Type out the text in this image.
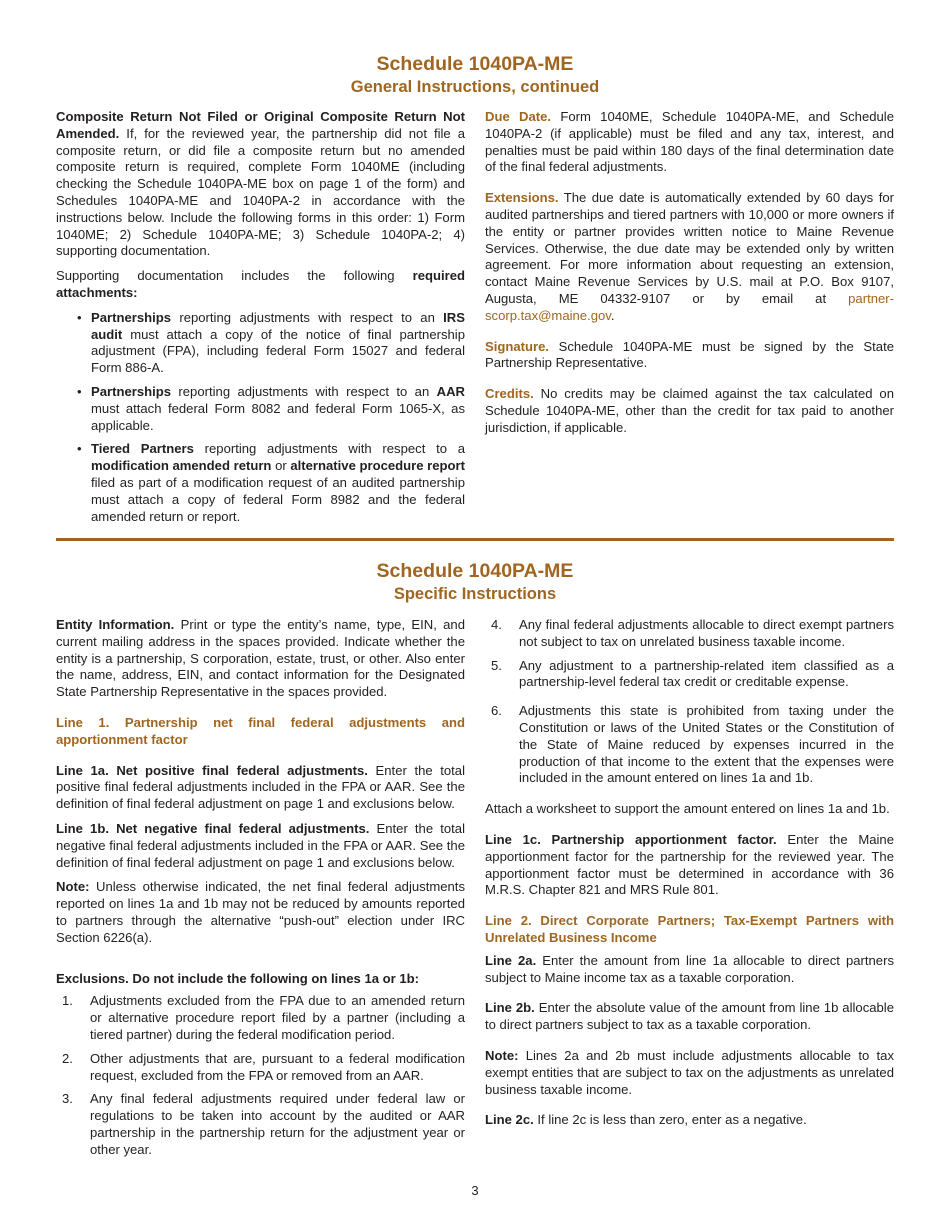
Schedule 1040PA-ME
General Instructions, continued

Composite Return Not Filed or Original Composite Return Not Amended. If, for the reviewed year, the partnership did not file a composite return, or did file a composite return but no amended composite return is required, complete Form 1040ME (including checking the Schedule 1040PA-ME box on page 1 of the form) and Schedules 1040PA-ME and 1040PA-2 in accordance with the instructions below. Include the following forms in this order: 1) Form 1040ME; 2) Schedule 1040PA-ME; 3) Schedule 1040PA-2; 4) supporting documentation.

Supporting documentation includes the following required attachments:

• Partnerships reporting adjustments with respect to an IRS audit must attach a copy of the notice of final partnership adjustment (FPA), including federal Form 15027 and federal Form 886-A.
• Partnerships reporting adjustments with respect to an AAR must attach federal Form 8082 and federal Form 1065-X, as applicable.
• Tiered Partners reporting adjustments with respect to a modification amended return or alternative procedure report filed as part of a modification request of an audited partnership must attach a copy of federal Form 8982 and the federal amended return or report.

Due Date. Form 1040ME, Schedule 1040PA-ME, and Schedule 1040PA-2 (if applicable) must be filed and any tax, interest, and penalties must be paid within 180 days of the final determination date of the final federal adjustments.

Extensions. The due date is automatically extended by 60 days for audited partnerships and tiered partners with 10,000 or more owners if the entity or partner provides written notice to Maine Revenue Services. Otherwise, the due date may be extended only by written agreement. For more information about requesting an extension, contact Maine Revenue Services by U.S. mail at P.O. Box 9107, Augusta, ME 04332-9107 or by email at partner-scorp.tax@maine.gov.

Signature. Schedule 1040PA-ME must be signed by the State Partnership Representative.

Credits. No credits may be claimed against the tax calculated on Schedule 1040PA-ME, other than the credit for tax paid to another jurisdiction, if applicable.

Schedule 1040PA-ME
Specific Instructions

Entity Information. Print or type the entity’s name, type, EIN, and current mailing address in the spaces provided. Indicate whether the entity is a partnership, S corporation, estate, trust, or other. Also enter the name, address, EIN, and contact information for the Designated State Partnership Representative in the spaces provided.

Line 1. Partnership net final federal adjustments and apportionment factor

Line 1a. Net positive final federal adjustments. Enter the total positive final federal adjustments included in the FPA or AAR. See the definition of final federal adjustment on page 1 and exclusions below.

Line 1b. Net negative final federal adjustments. Enter the total negative final federal adjustments included in the FPA or AAR. See the definition of final federal adjustment on page 1 and exclusions below.

Note: Unless otherwise indicated, the net final federal adjustments reported on lines 1a and 1b may not be reduced by amounts reported to partners through the alternative “push-out” election under IRC Section 6226(a).

Exclusions. Do not include the following on lines 1a or 1b:

1. Adjustments excluded from the FPA due to an amended return or alternative procedure report filed by a partner (including a tiered partner) during the federal modification period.
2. Other adjustments that are, pursuant to a federal modification request, excluded from the FPA or removed from an AAR.
3. Any final federal adjustments required under federal law or regulations to be taken into account by the audited or AAR partnership in the partnership return for the adjustment year or other year.
4. Any final federal adjustments allocable to direct exempt partners not subject to tax on unrelated business taxable income.
5. Any adjustment to a partnership-related item classified as a partnership-level federal tax credit or creditable expense.
6. Adjustments this state is prohibited from taxing under the Constitution or laws of the United States or the Constitution of the State of Maine reduced by expenses incurred in the production of that income to the extent that the expenses were included in the amount entered on lines 1a and 1b.

Attach a worksheet to support the amount entered on lines 1a and 1b.

Line 1c. Partnership apportionment factor. Enter the Maine apportionment factor for the partnership for the reviewed year. The apportionment factor must be determined in accordance with 36 M.R.S. Chapter 821 and MRS Rule 801.

Line 2. Direct Corporate Partners; Tax-Exempt Partners with Unrelated Business Income

Line 2a. Enter the amount from line 1a allocable to direct partners subject to Maine income tax as a taxable corporation.

Line 2b. Enter the absolute value of the amount from line 1b allocable to direct partners subject to tax as a taxable corporation.

Note: Lines 2a and 2b must include adjustments allocable to tax exempt entities that are subject to tax on the adjustments as unrelated business taxable income.

Line 2c. If line 2c is less than zero, enter as a negative.

3
